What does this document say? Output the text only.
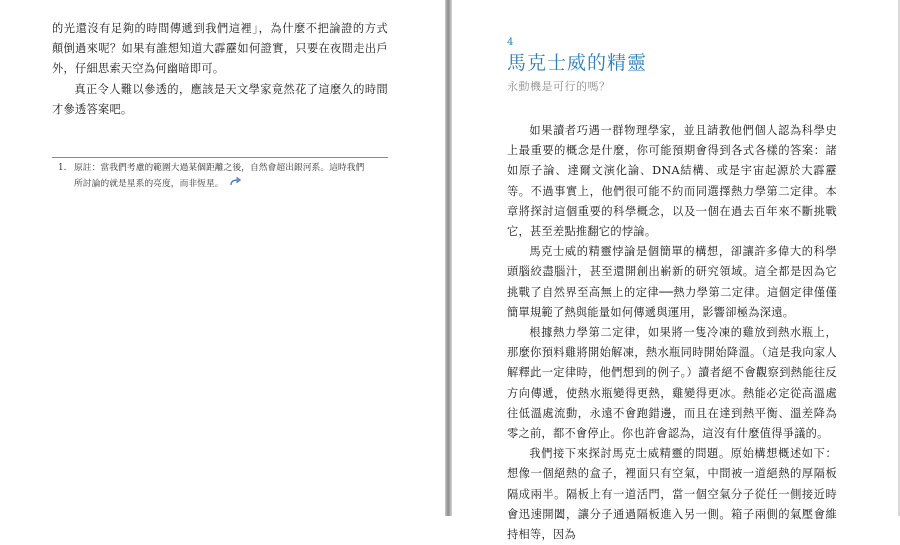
的光還沒有足夠的時間傳遞到我們這裡」，為什麼不把論證的方式顛倒過來呢？如果有誰想知道大霹靂如何證實，只要在夜間走出戶外，仔細思索天空為何幽暗即可。

真正令人難以參透的，應該是天文學家竟然花了這麼久的時間才參透答案吧。

1. 原註：當我們考慮的範圍大過某個距離之後，自然會超出銀河系。這時我們
所討論的就是星系的亮度，而非恆星。
4
馬克士威的精靈
永動機是可行的嗎？

如果讀者巧遇一群物理學家，並且請教他們個人認為科學史上最重要的概念是什麼，你可能預期會得到各式各樣的答案：諸如原子論、達爾文演化論、DNA結構、或是宇宙起源於大霹靂等。不過事實上，他們很可能不約而同選擇熱力學第二定律。本章將探討這個重要的科學概念，以及一個在過去百年來不斷挑戰它，甚至差點推翻它的悖論。

馬克士威的精靈悖論是個簡單的構想，卻讓許多偉大的科學頭腦絞盡腦汁，甚至還開創出嶄新的研究領域。這全都是因為它挑戰了自然界至高無上的定律──熱力學第二定律。這個定律僅僅簡單規範了熱與能量如何傳遞與運用，影響卻極為深遠。

根據熱力學第二定律，如果將一隻冷凍的雞放到熱水瓶上，那麼你預料雞將開始解凍，熱水瓶同時開始降溫。（這是我向家人解釋此一定律時，他們想到的例子。）讀者絕不會觀察到熱能往反方向傳遞，使熱水瓶變得更熱，雞變得更冰。熱能必定從高溫處往低溫處流動，永遠不會跑錯邊，而且在達到熱平衡、溫差降為零之前，都不會停止。你也許會認為，這沒有什麼值得爭議的。

我們接下來探討馬克士威精靈的問題。原始構想概述如下：想像一個絕熱的盒子，裡面只有空氣，中間被一道絕熱的厚隔板隔成兩半。隔板上有一道活門，當一個空氣分子從任一側接近時會迅速開闔，讓分子通過隔板進入另一側。箱子兩側的氣壓會維持相等，因為
